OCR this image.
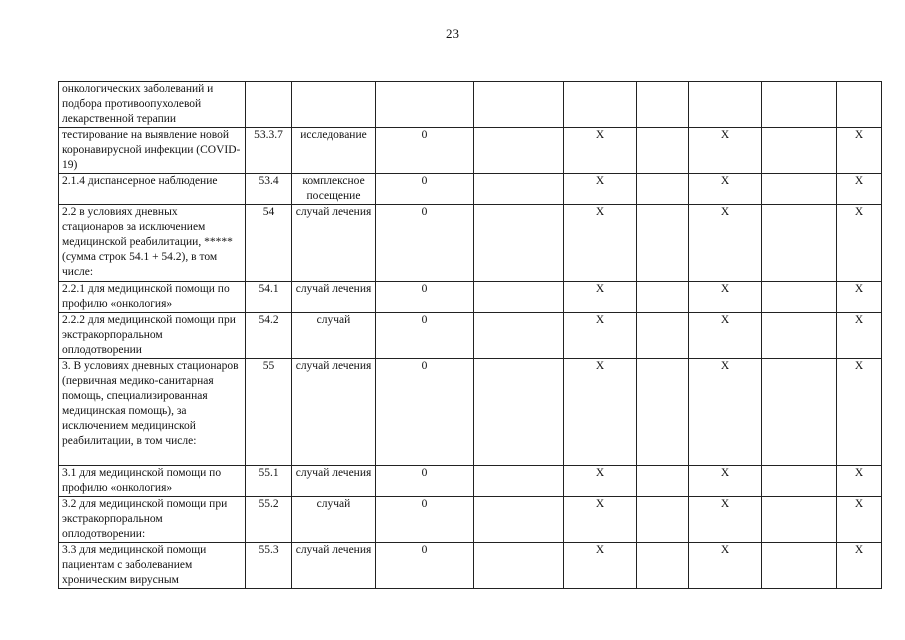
23
онкологических заболеваний и подбора противоопухолевой лекарственной терапии									
тестирование на выявление новой коронавирусной инфекции (COVID-19)	53.3.7	исследование	0		X		X		X
2.1.4 диспансерное наблюдение	53.4	комплексное посещение	0		X		X		X
2.2 в условиях дневных стационаров за исключением медицинской реабилитации, ***** (сумма строк 54.1 + 54.2), в том числе:	54	случай лечения	0		X		X		X
2.2.1 для медицинской помощи по профилю «онкология»	54.1	случай лечения	0		X		X		X
2.2.2 для медицинской помощи при экстракорпоральном оплодотворении	54.2	случай	0		X		X		X
3. В условиях дневных стационаров (первичная медико-санитарная помощь, специализированная медицинская помощь), за исключением медицинской реабилитации, в том числе:	55	случай лечения	0		X		X		X
3.1 для медицинской помощи по профилю «онкология»	55.1	случай лечения	0		X		X		X
3.2 для медицинской помощи при экстракорпоральном оплодотворении:	55.2	случай	0		X		X		X
3.3 для медицинской помощи пациентам с заболеванием хроническим вирусным	55.3	случай лечения	0		X		X		X
